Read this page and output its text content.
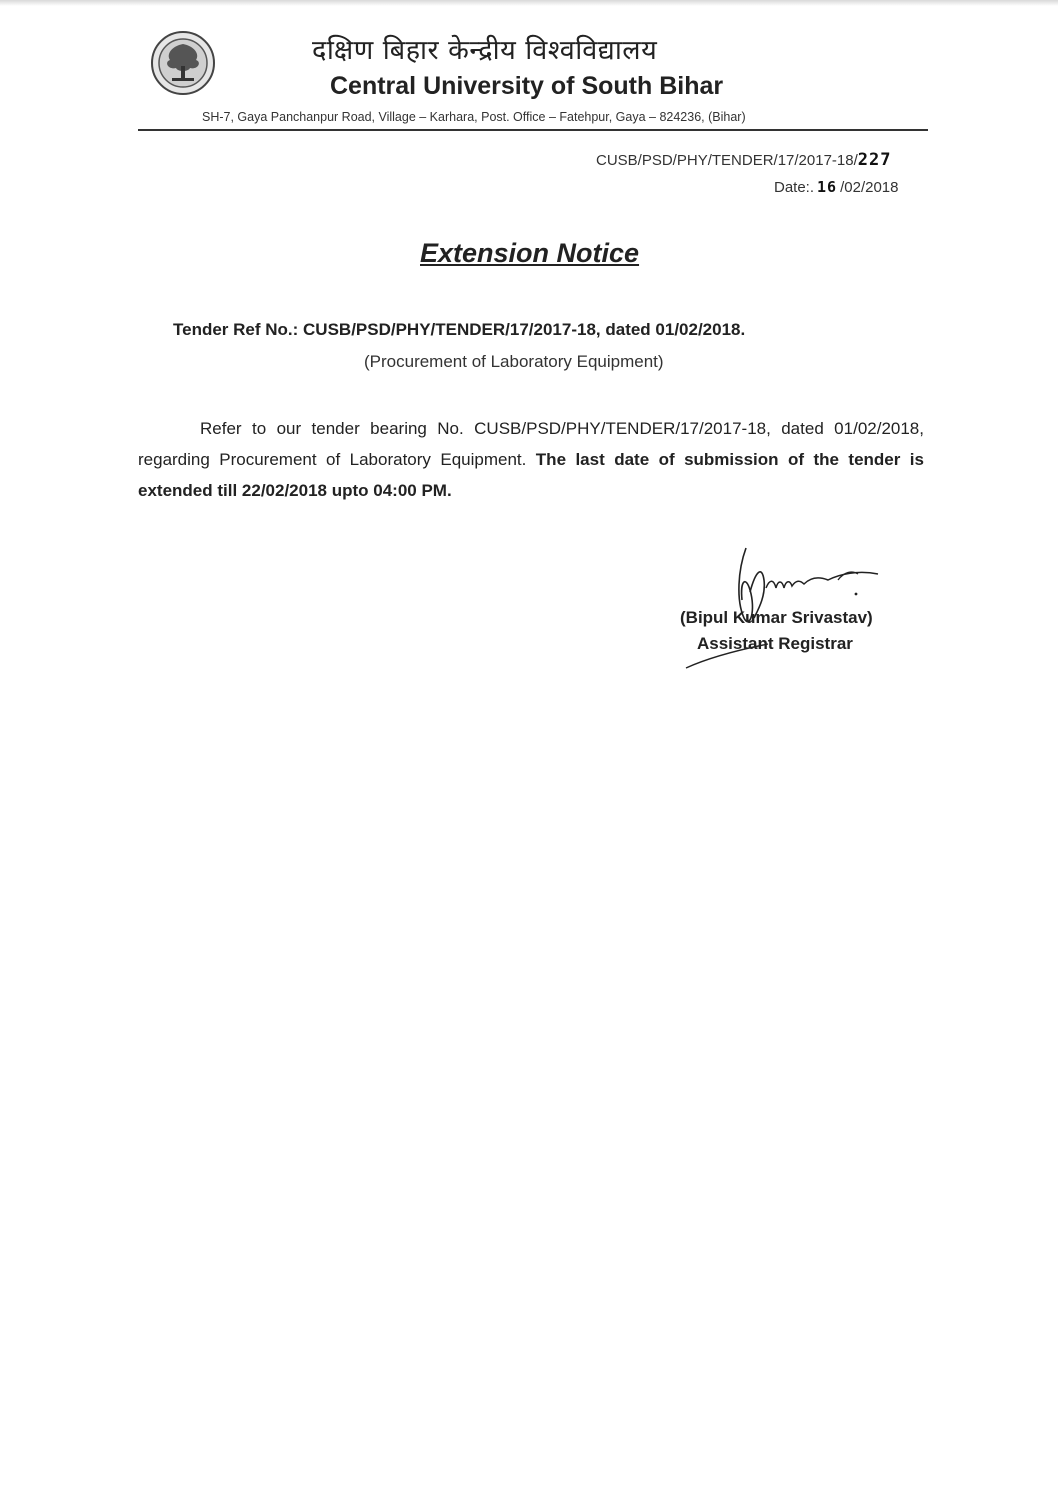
दक्षिण बिहार केन्द्रीय विश्वविद्यालय
Central University of South Bihar
SH-7, Gaya Panchanpur Road, Village – Karhara, Post. Office – Fatehpur, Gaya – 824236, (Bihar)
CUSB/PSD/PHY/TENDER/17/2017-18/227
Date:. 16 /02/2018
Extension Notice
Tender Ref No.: CUSB/PSD/PHY/TENDER/17/2017-18, dated 01/02/2018.
(Procurement of Laboratory Equipment)
Refer to our tender bearing No. CUSB/PSD/PHY/TENDER/17/2017-18, dated 01/02/2018, regarding Procurement of Laboratory Equipment. The last date of submission of the tender is extended till 22/02/2018 upto 04:00 PM.
(Bipul Kumar Srivastav)
Assistant Registrar
